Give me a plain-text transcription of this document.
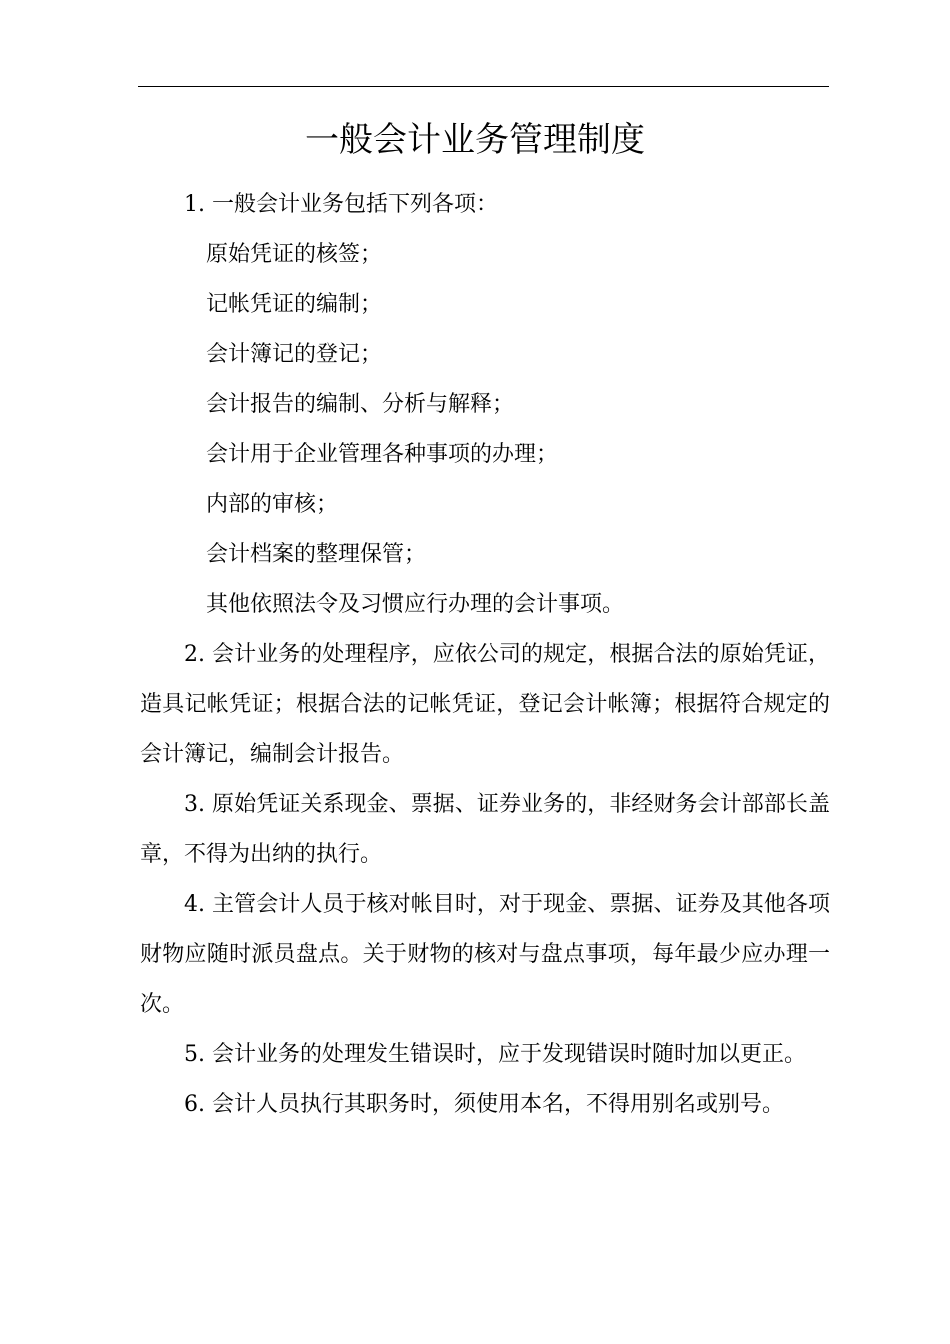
一般会计业务管理制度

1. 一般会计业务包括下列各项：

原始凭证的核签；
记帐凭证的编制；
会计簿记的登记；
会计报告的编制、分析与解释；
会计用于企业管理各种事项的办理；
内部的审核；
会计档案的整理保管；
其他依照法令及习惯应行办理的会计事项。

2. 会计业务的处理程序，应依公司的规定，根据合法的原始凭证，造具记帐凭证；根据合法的记帐凭证，登记会计帐簿；根据符合规定的会计簿记，编制会计报告。

3. 原始凭证关系现金、票据、证券业务的，非经财务会计部部长盖章，不得为出纳的执行。

4. 主管会计人员于核对帐目时，对于现金、票据、证券及其他各项财物应随时派员盘点。关于财物的核对与盘点事项，每年最少应办理一次。

5. 会计业务的处理发生错误时，应于发现错误时随时加以更正。

6. 会计人员执行其职务时，须使用本名，不得用别名或别号。
